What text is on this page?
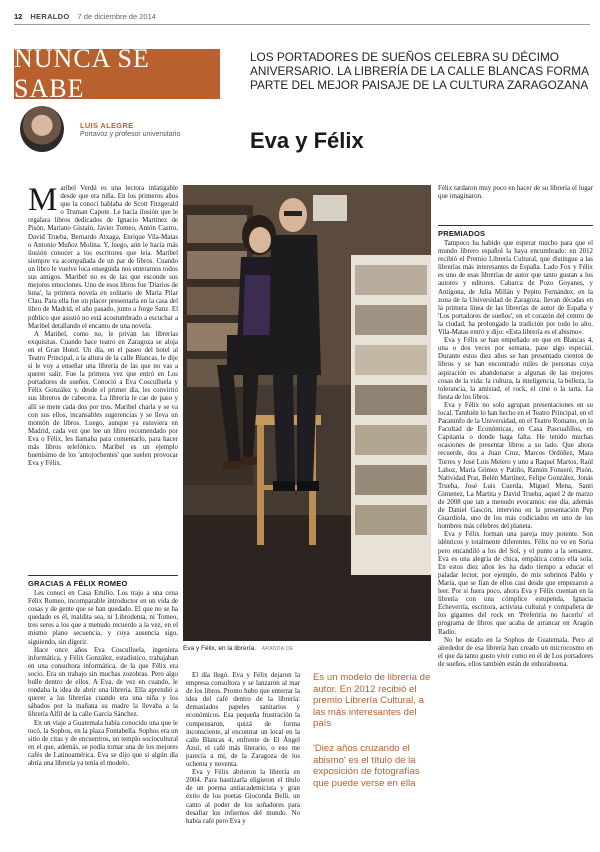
12 HERALDO 7 de diciembre de 2014
NUNCA SE SABE
LUIS ALEGRE
Portavoz y profesor universitario
LOS PORTADORES DE SUEÑOS CELEBRA SU DÉCIMO ANIVERSARIO. LA LIBRERÍA DE LA CALLE BLANCAS FORMA PARTE DEL MEJOR PAISAJE DE LA CULTURA ZARAGOZANA
Eva y Félix

Maribel Verdú es una lectora infatigable desde que era niña. En los primeros años que la conocí hablaba de Scott Fitzgerald o Truman Capote. Le hacía ilusión que le regalara libros dedicados de Ignacio Martínez de Pisón, Mariano Gistaín, Javier Tomeo, Antón Castro, David Trueba, Bernardo Atxaga, Enrique Vila-Matas o Antonio Muñoz Molina. Y, luego, aún le hacía más ilusión conocer a los escritores que leía. Maribel siempre va acompañada de un par de libros. Cuando un libro le vuelve loca enseguida nos enteramos todos sus amigos. Maribel no es de las que esconde sus mejores emociones. Uno de esos libros fue 'Diarios de luna', la primera novela en solitario de María Pilar Clau. Para ella fue un placer presentarla en la casa del libro de Madrid, el año pasado, junto a Jorge Sanz. El público que asistió no está acostumbrado a escuchar a Maribel detallando el encanto de una novela.

A Maribel, como no, le privan las librerías exquisitas. Cuando hace teatro en Zaragoza se aloja en el Gran Hotel. Un día, en el paseo del hotel al Teatro Principal, a la altura de la calle Blancas, le dije si le voy a enseñar una librería de las que no vas a querer salir. Fue la primera vez que entró en Los portadores de sueños. Conoció a Eva Cosculluela y Félix González y, desde el primer día, les convirtió sus libreros de cabecera. La librería le cae de paso y allí se mete cada dos por tres. Maribel charla y se va con sus ellos, incansables sugerencias y se lleva un montón de libros. Luego, aunque ya estuviera en Madrid, cada vez que lee un libro recomendado por Eva o Félix, les llamaba para comentarlo, para hacer más libros telefónico. Maribel es un ejemplo buenísimo de los 'antojochentes' que suelen provocar Eva y Félix.

GRACIAS A FÉLIX ROMEO

Les conocí en Casa Emilio. Los trajo a una cena Félix Romeo, incomparable introductor en un vida de cosas y de gente que se han quedado. El que no se ha quedado es él, maldita sea, ni Librodenta, ni Tomeo, tres seres a los que a menudo recuerdo a la vez, en el mismo plano secuencia, y cuya ausencia sigo, siguiendo, sin digerir.

Hace once años Eva Cosculluela, ingeniera informática, y Félix González, estadístico, trabajaban en una consultora informática, de la que Félix era socio. Era un trabajo sin muchas zozobras. Pero algo bulle dentro de ellos. A Eva, de vez en cuando, le rondaba la idea de abrir una librería. Ella aprendió a querer a las librerías cuando era una niña y los sábados por la mañana su madre la llevaba a la librería Alfil de la calle García Sánchez.

En un viaje a Guatemala había conocido una que le tocó, la Sophos, en la plaza Fontabella. Sophos era un sitio de citas y de encuentros, un templo sociocultural en el que, además, se podía tomar una de los mejores cafés de Latinoamérica. Eva se dijo que si algún día abría una librería ya tenía el modelo.

Eva y Félix, en la librería. ARANDA DE

El día llegó. Eva y Félix dejaron la empresa consultora y se lanzaron al mar de los libros. Pronto hubo que enterrar la idea del café dentro de la librería: demasiados papeles sanitarios y económicos. Esa pequeña frustración la compensaron, quizá de forma inconsciente, al encontrar un local en la calle Blancas 4, enfrente de El Ángel Azul, el café más literario, o eso me parecía a mí, de la Zaragoza de los ochenta y noventa.

Eva y Félix abrieron la librería en 2004. Para bautizarla eligieron el título de un poema antiacademicista y gran éxito de los poetas Gioconda Belli, un canto al poder de los soñadores para desafiar los infiernos del mundo. No había café pero Eva y

Es un modelo de librería de autor. En 2012 recibió el premio Librería Cultural, a las más interesantes del país
'Diez años cruzando el abismo' es el título de la exposición de fotografías que puede verse en ella

Félix tardaron muy poco en hacer de su librería el lugar que imaginaron.

PREMIADOS

Tampoco ha habido que esperar mucho para que el mundo librero español la haya encumbrado: en 2012 recibió el Premio Librería Cultural, que distingue a las librerías más interesantes de España. Lado Fox y Félix es uno de esas librerías de autor que tanto gustan a los autores y editores. Cabarca de Pozo Goyanes, y Antígona, de Julia Millán y Pepito Fernández, en la zona de la Universidad de Zaragoza, llevan décadas en la primera línea de las librerías de autor de España y 'Los portadores de sueños', en el corazón del centro de la ciudad, ha prolongado la tradición por todo lo alto. Vila-Matas entró y dijo: «Esta librería es el abismo».

Eva y Félix se han empeñado en que en Blancas 4, una o dos veces por semana, pase algo especial. Durante estos diez años se han presentado cientos de libros y se han encontrado miles de personas cuya aspiración es abandonarse a algunas de las mejores cosas de la vida: la cultura, la inteligencia, la belleza, la tolerancia, la amistad, el rock, el cine o la tarta. La fiesta de los libros.

Eva y Félix no solo agrupan presentaciones en su local. También lo han hecho en el Teatro Principal, en el Paraninfo de la Universidad, en el Teatro Romano, en la Facultad de Económicas, en Casa Pascualillos, en Capitanía o donde haga falta. He tenido muchas ocasiones de presentar libros a su lado. Que ahora recuerde, dos a Juan Cruz, Marcos Ordóñez, Mara Torres y José Luis Melero y uno a Raquel Martos, Raúl Lahoz, María Gómez y Patiño, Ramón Fonseré, Pisón, Natividad Prat, Belén Martínez, Felipe González, Jonás Trueba, José Luis Cuerda, Miguel Mena, Santi Gimenez, La Martita y David Trueba, aquel 2 de marzo de 2008 que tan a menudo evocamos: ese día, además de Daniel Gascón, intervino en la presentación Pep Guardiola, uno de los más codiciados en uno de los hombres más célebres del planeta.

Eva y Félix forman una pareja muy potente. Son idénticos y totalmente diferentes. Félix no ve en Soria pero encandiló a los del Sol, y el punto a la sensatez. Eva es una alegría de chica, empática como ella sola. En estos diez años les ha dado tiempo a educar el paladar lector, por ejemplo, de mis sobrinos Pablo y María, que se fían de ellos casi desde que empezaron a leer. Por si fuera poco, ahora Eva y Félix cuentan en la librería con una cómplice estupenda, Ignacia Echeverría, escritora, activista cultural y compañera de los gigantes del rock en 'Preferiría no hacerlo' el programa de libros que acaba de arrancar en Aragón Radio.

No he estado en la Sophos de Guatemala. Pero al alrededor de esa librería han creado un microcosmo en el que da tanto gusto vivir como en el de Los portadores de sueños, ellos también están de enhorabuena.
